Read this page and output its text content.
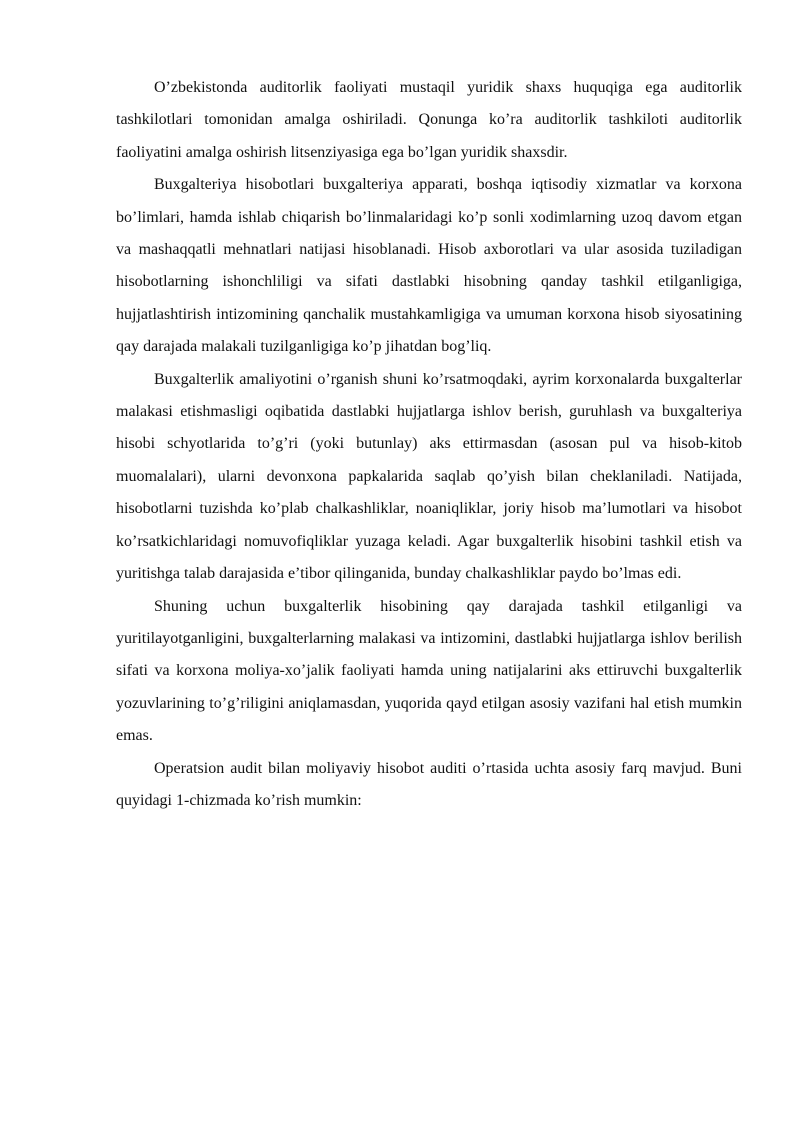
O’zbekistonda auditorlik faoliyati mustaqil yuridik shaxs huquqiga ega auditorlik tashkilotlari tomonidan amalga oshiriladi. Qonunga ko’ra auditorlik tashkiloti auditorlik faoliyatini amalga oshirish litsenziyasiga ega bo’lgan yuridik shaxsdir.

Buxgalteriya hisobotlari buxgalteriya apparati, boshqa iqtisodiy xizmatlar va korxona bo’limlari, hamda ishlab chiqarish bo’linmalaridagi ko’p sonli xodimlarning uzoq davom etgan va mashaqqatli mehnatlari natijasi hisoblanadi. Hisob axborotlari va ular asosida tuziladigan hisobotlarning ishonchliligi va sifati dastlabki hisobning qanday tashkil etilganligiga, hujjatlashtirish intizomining qanchalik mustahkamligiga va umuman korxona hisob siyosatining qay darajada malakali tuzilganligiga ko’p jihatdan bog’liq.

Buxgalterlik amaliyotini o’rganish shuni ko’rsatmoqdaki, ayrim korxonalarda buxgalterlar malakasi etishmasligi oqibatida dastlabki hujjatlarga ishlov berish, guruhlash va buxgalteriya hisobi schyotlarida to’g’ri (yoki butunlay) aks ettirmasdan (asosan pul va hisob-kitob muomalalari), ularni devonxona papkalarida saqlab qo’yish bilan cheklaniladi. Natijada, hisobotlarni tuzishda ko’plab chalkashliklar, noaniqliklar, joriy hisob ma’lumotlari va hisobot ko’rsatkichlaridagi nomuvofiqliklar yuzaga keladi. Agar buxgalterlik hisobini tashkil etish va yuritishga talab darajasida e’tibor qilinganida, bunday chalkashliklar paydo bo’lmas edi.

Shuning uchun buxgalterlik hisobining qay darajada tashkil etilganligi va yuritilayotganligini, buxgalterlarning malakasi va intizomini, dastlabki hujjatlarga ishlov berilish sifati va korxona moliya-xo’jalik faoliyati hamda uning natijalarini aks ettiruvchi buxgalterlik yozuvlarining to’g’riligini aniqlamasdan, yuqorida qayd etilgan asosiy vazifani hal etish mumkin emas.

Operatsion audit bilan moliyaviy hisobot auditi o’rtasida uchta asosiy farq mavjud. Buni quyidagi 1-chizmada ko’rish mumkin:
